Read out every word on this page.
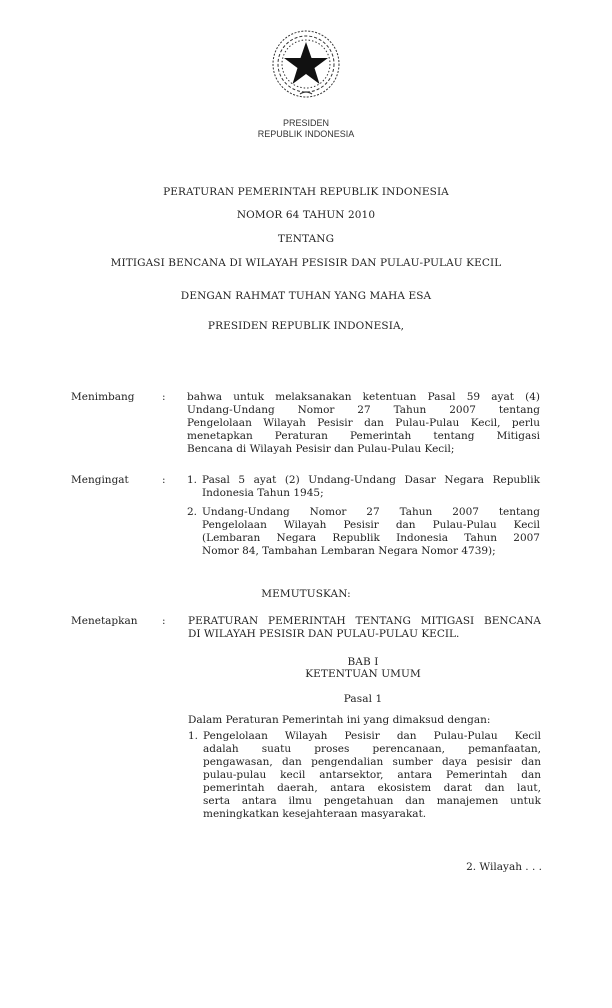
PRESIDEN
REPUBLIK INDONESIA
PERATURAN PEMERINTAH REPUBLIK INDONESIA
NOMOR 64 TAHUN 2010
TENTANG
MITIGASI BENCANA DI WILAYAH PESISIR DAN PULAU-PULAU KECIL
DENGAN RAHMAT TUHAN YANG MAHA ESA
PRESIDEN REPUBLIK INDONESIA,
Menimbang	: bahwa untuk melaksanakan ketentuan Pasal 59 ayat (4)
Undang-Undang Nomor 27 Tahun 2007 tentang
Pengelolaan Wilayah Pesisir dan Pulau-Pulau Kecil, perlu
menetapkan Peraturan Pemerintah tentang Mitigasi
Bencana di Wilayah Pesisir dan Pulau-Pulau Kecil;
Mengingat	: 1. Pasal 5 ayat (2) Undang-Undang Dasar Negara Republik
Indonesia Tahun 1945;
2. Undang-Undang Nomor 27 Tahun 2007 tentang
Pengelolaan Wilayah Pesisir dan Pulau-Pulau Kecil
(Lembaran Negara Republik Indonesia Tahun 2007
Nomor 84, Tambahan Lembaran Negara Nomor 4739);
MEMUTUSKAN:
Menetapkan : PERATURAN PEMERINTAH TENTANG MITIGASI BENCANA
DI WILAYAH PESISIR DAN PULAU-PULAU KECIL.
BAB I
KETENTUAN UMUM
Pasal 1
Dalam Peraturan Pemerintah ini yang dimaksud dengan:
1. Pengelolaan Wilayah Pesisir dan Pulau-Pulau Kecil
adalah suatu proses perencanaan, pemanfaatan,
pengawasan, dan pengendalian sumber daya pesisir dan
pulau-pulau kecil antarsektor, antara Pemerintah dan
pemerintah daerah, antara ekosistem darat dan laut,
serta antara ilmu pengetahuan dan manajemen untuk
meningkatkan kesejahteraan masyarakat.
2. Wilayah . . .
